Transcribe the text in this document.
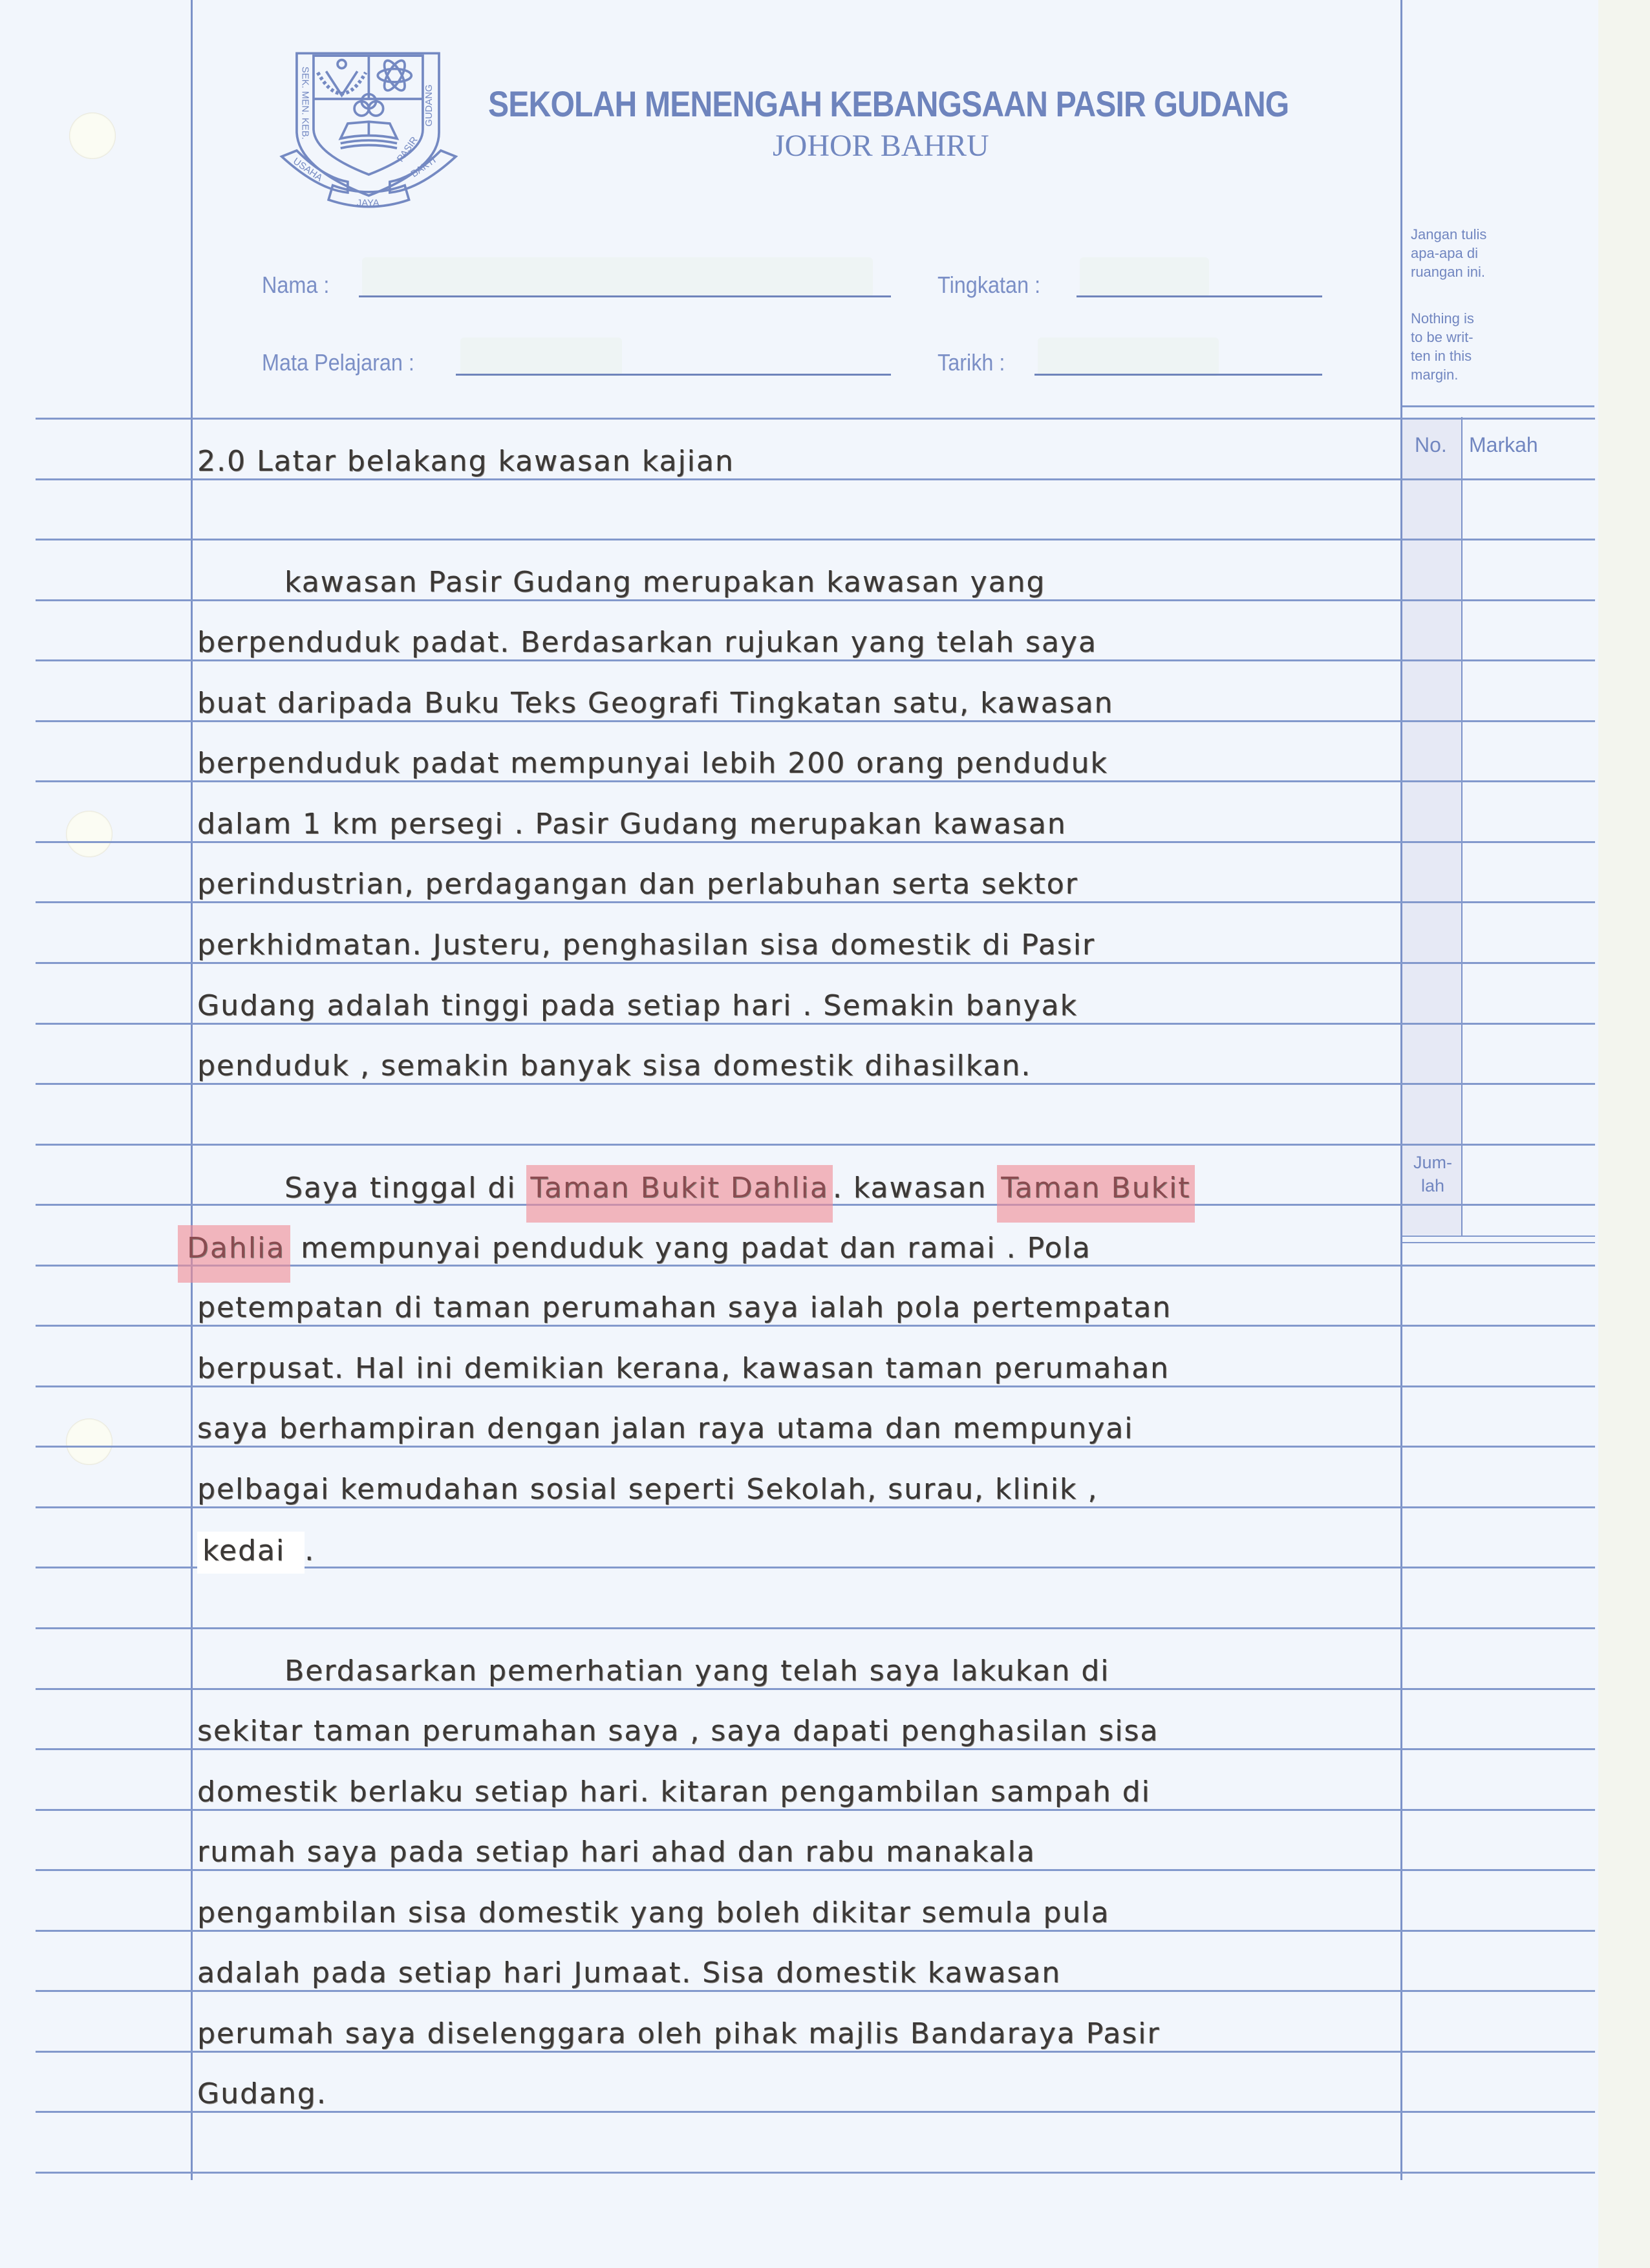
SEK. MEN. KEB.	GUDANG
PASIR
USAHA
JAYA
BAKTI
SEKOLAH MENENGAH KEBANGSAAN PASIR GUDANG
JOHOR BAHRU
Nama :	Tingkatan :
Mata Pelajaran :	Tarikh :
Jangan tulis
apa-apa di
ruangan ini.
Nothing is
to be writ-
ten in this
margin.
No. Markah
Jum-
lah
2.0 Latar belakang kawasan kajian
kawasan Pasir Gudang merupakan kawasan yang
berpenduduk padat. Berdasarkan rujukan yang telah saya
buat daripada Buku Teks Geografi Tingkatan satu, kawasan
berpenduduk padat mempunyai lebih 200 orang penduduk
dalam 1 km persegi . Pasir Gudang merupakan kawasan
perindustrian, perdagangan dan perlabuhan serta sektor
perkhidmatan. Justeru, penghasilan sisa domestik di Pasir
Gudang adalah tinggi pada setiap hari . Semakin banyak
penduduk , semakin banyak sisa domestik dihasilkan.
Saya tinggal di Taman Bukit Dahlia . kawasan Taman Bukit
Dahlia mempunyai penduduk yang padat dan ramai . Pola
petempatan di taman perumahan saya ialah pola pertempatan
berpusat. Hal ini demikian kerana, kawasan taman perumahan
saya berhampiran dengan jalan raya utama dan mempunyai
pelbagai kemudahan sosial seperti Sekolah, surau, klinik ,
kedai .
Berdasarkan pemerhatian yang telah saya lakukan di
sekitar taman perumahan saya , saya dapati penghasilan sisa
domestik berlaku setiap hari. kitaran pengambilan sampah di
rumah saya pada setiap hari ahad dan rabu manakala
pengambilan sisa domestik yang boleh dikitar semula pula
adalah pada setiap hari Jumaat. Sisa domestik kawasan
perumah saya diselenggara oleh pihak majlis Bandaraya Pasir
Gudang.
